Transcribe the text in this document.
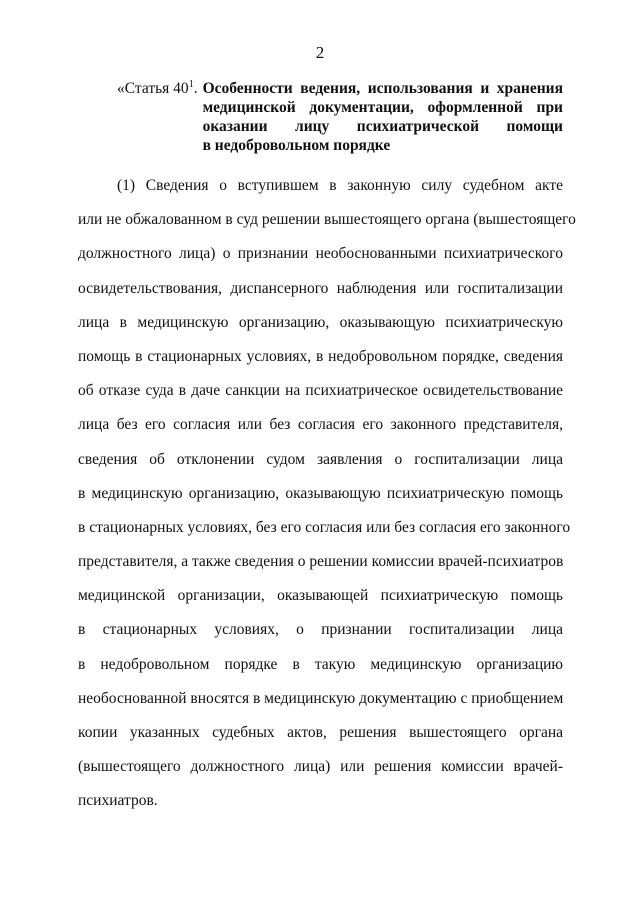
2
«Статья $40^1$. Особенности ведения, использования и хранения
медицинской документации, оформленной при
оказании лицу психиатрической помощи
в недобровольном порядке
(1) Сведения о вступившем в законную силу судебном акте
или не обжалованном в суд решении вышестоящего органа (вышестоящего
должностного лица) о признании необоснованными психиатрического
освидетельствования, диспансерного наблюдения или госпитализации
лица в медицинскую организацию, оказывающую психиатрическую
помощь в стационарных условиях, в недобровольном порядке, сведения
об отказе суда в даче санкции на психиатрическое освидетельствование
лица без его согласия или без согласия его законного представителя,
сведения об отклонении судом заявления о госпитализации лица
в медицинскую организацию, оказывающую психиатрическую помощь
в стационарных условиях, без его согласия или без согласия его законного
представителя, а также сведения о решении комиссии врачей-психиатров
медицинской организации, оказывающей психиатрическую помощь
в стационарных условиях, о признании госпитализации лица
в недобровольном порядке в такую медицинскую организацию
необоснованной вносятся в медицинскую документацию с приобщением
копии указанных судебных актов, решения вышестоящего органа
(вышестоящего должностного лица) или решения комиссии врачей-
психиатров.
